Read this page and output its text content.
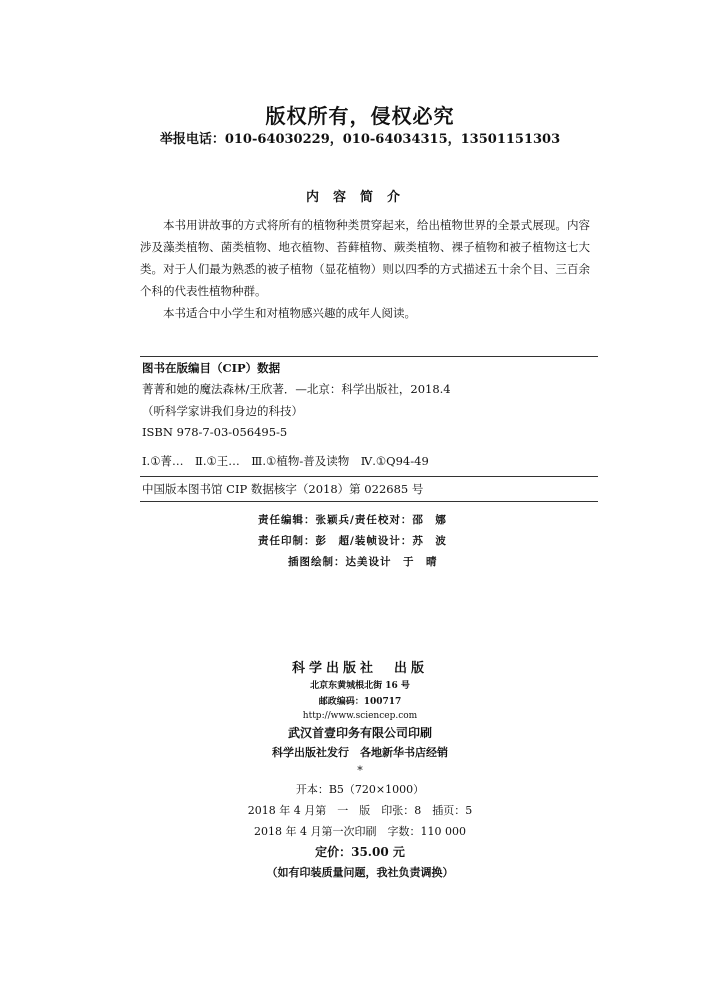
版权所有，侵权必究
举报电话：010-64030229，010-64034315，13501151303
内容简介

本书用讲故事的方式将所有的植物种类贯穿起来，给出植物世界的全景式展现。内容涉及藻类植物、菌类植物、地衣植物、苔藓植物、蕨类植物、裸子植物和被子植物这七大类。对于人们最为熟悉的被子植物（显花植物）则以四季的方式描述五十余个目、三百余个科的代表性植物种群。

本书适合中小学生和对植物感兴趣的成年人阅读。

图书在版编目（CIP）数据
菁菁和她的魔法森林/王欣著．—北京：科学出版社，2018.4
（听科学家讲我们身边的科技）
ISBN 978-7-03-056495-5
Ⅰ.①菁…　Ⅱ.①王…　Ⅲ.①植物-普及读物　Ⅳ.①Q94-49
中国版本图书馆 CIP 数据核字（2018）第 022685 号
责任编辑：张颖兵/责任校对：邵　娜
责任印制：彭　超/装帧设计：苏　波
插图绘制：达美设计　于　晴
科学出版社　出版
北京东黄城根北街 16 号
邮政编码：100717
http://www.sciencep.com
武汉首壹印务有限公司印刷
科学出版社发行　各地新华书店经销
*
开本：B5（720×1000）
2018 年 4 月第　一　版　印张：8　插页：5
2018 年 4 月第一次印刷　字数：110 000
定价：35.00 元
（如有印装质量问题，我社负责调换）
